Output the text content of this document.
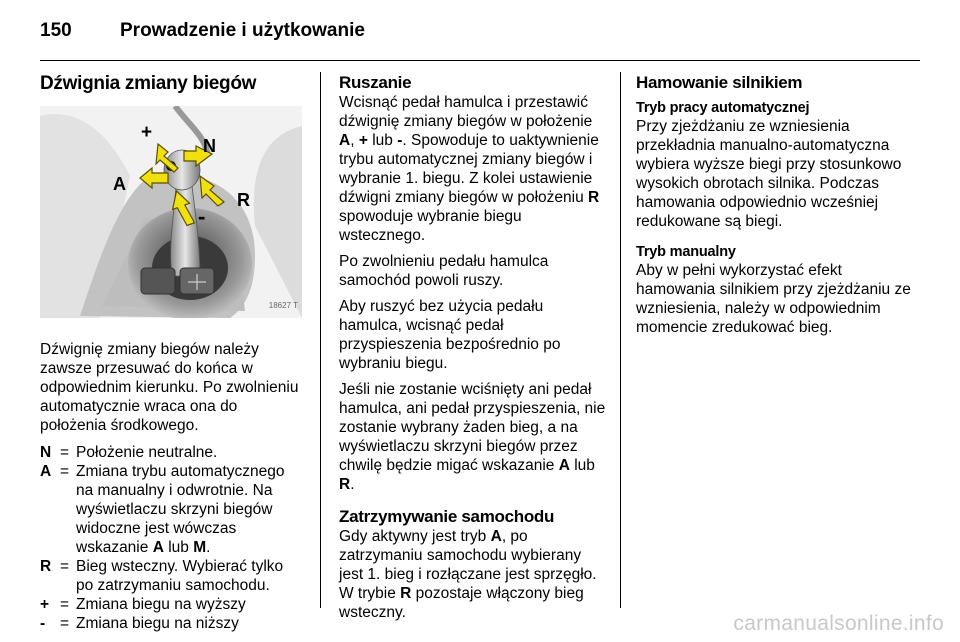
150	Prowadzenie i użytkowanie
Dźwignia zmiany biegów
+
N
A
R
-
18627 T

Dźwignię zmiany biegów należy zawsze przesuwać do końca w odpowiednim kierunku. Po zwolnieniu automatycznie wraca ona do położenia środkowego.

N = Położenie neutralne.
A = Zmiana trybu automatycznego na manualny i odwrotnie. Na wyświetlaczu skrzyni biegów widoczne jest wówczas wskazanie A lub M.
R = Bieg wsteczny. Wybierać tylko po zatrzymaniu samochodu.
+ = Zmiana biegu na wyższy
- = Zmiana biegu na niższy
Ruszanie

Wcisnąć pedał hamulca i przestawić dźwignię zmiany biegów w położenie A, + lub -. Spowoduje to uaktywnienie trybu automatycznej zmiany biegów i wybranie 1. biegu. Z kolei ustawienie dźwigni zmiany biegów w położeniu R spowoduje wybranie biegu wstecznego.

Po zwolnieniu pedału hamulca samochód powoli ruszy.

Aby ruszyć bez użycia pedału hamulca, wcisnąć pedał przyspieszenia bezpośrednio po wybraniu biegu.

Jeśli nie zostanie wciśnięty ani pedał hamulca, ani pedał przyspieszenia, nie zostanie wybrany żaden bieg, a na wyświetlaczu skrzyni biegów przez chwilę będzie migać wskazanie A lub R.

Zatrzymywanie samochodu

Gdy aktywny jest tryb A, po zatrzymaniu samochodu wybierany jest 1. bieg i rozłączane jest sprzęgło. W trybie R pozostaje włączony bieg wsteczny.

Hamowanie silnikiem
Tryb pracy automatycznej

Przy zjeżdżaniu ze wzniesienia przekładnia manualno-automatyczna wybiera wyższe biegi przy stosunkowo wysokich obrotach silnika. Podczas hamowania odpowiednio wcześniej redukowane są biegi.

Tryb manualny

Aby w pełni wykorzystać efekt hamowania silnikiem przy zjeżdżaniu ze wzniesienia, należy w odpowiednim momencie zredukować bieg.

carmanualsonline.info
